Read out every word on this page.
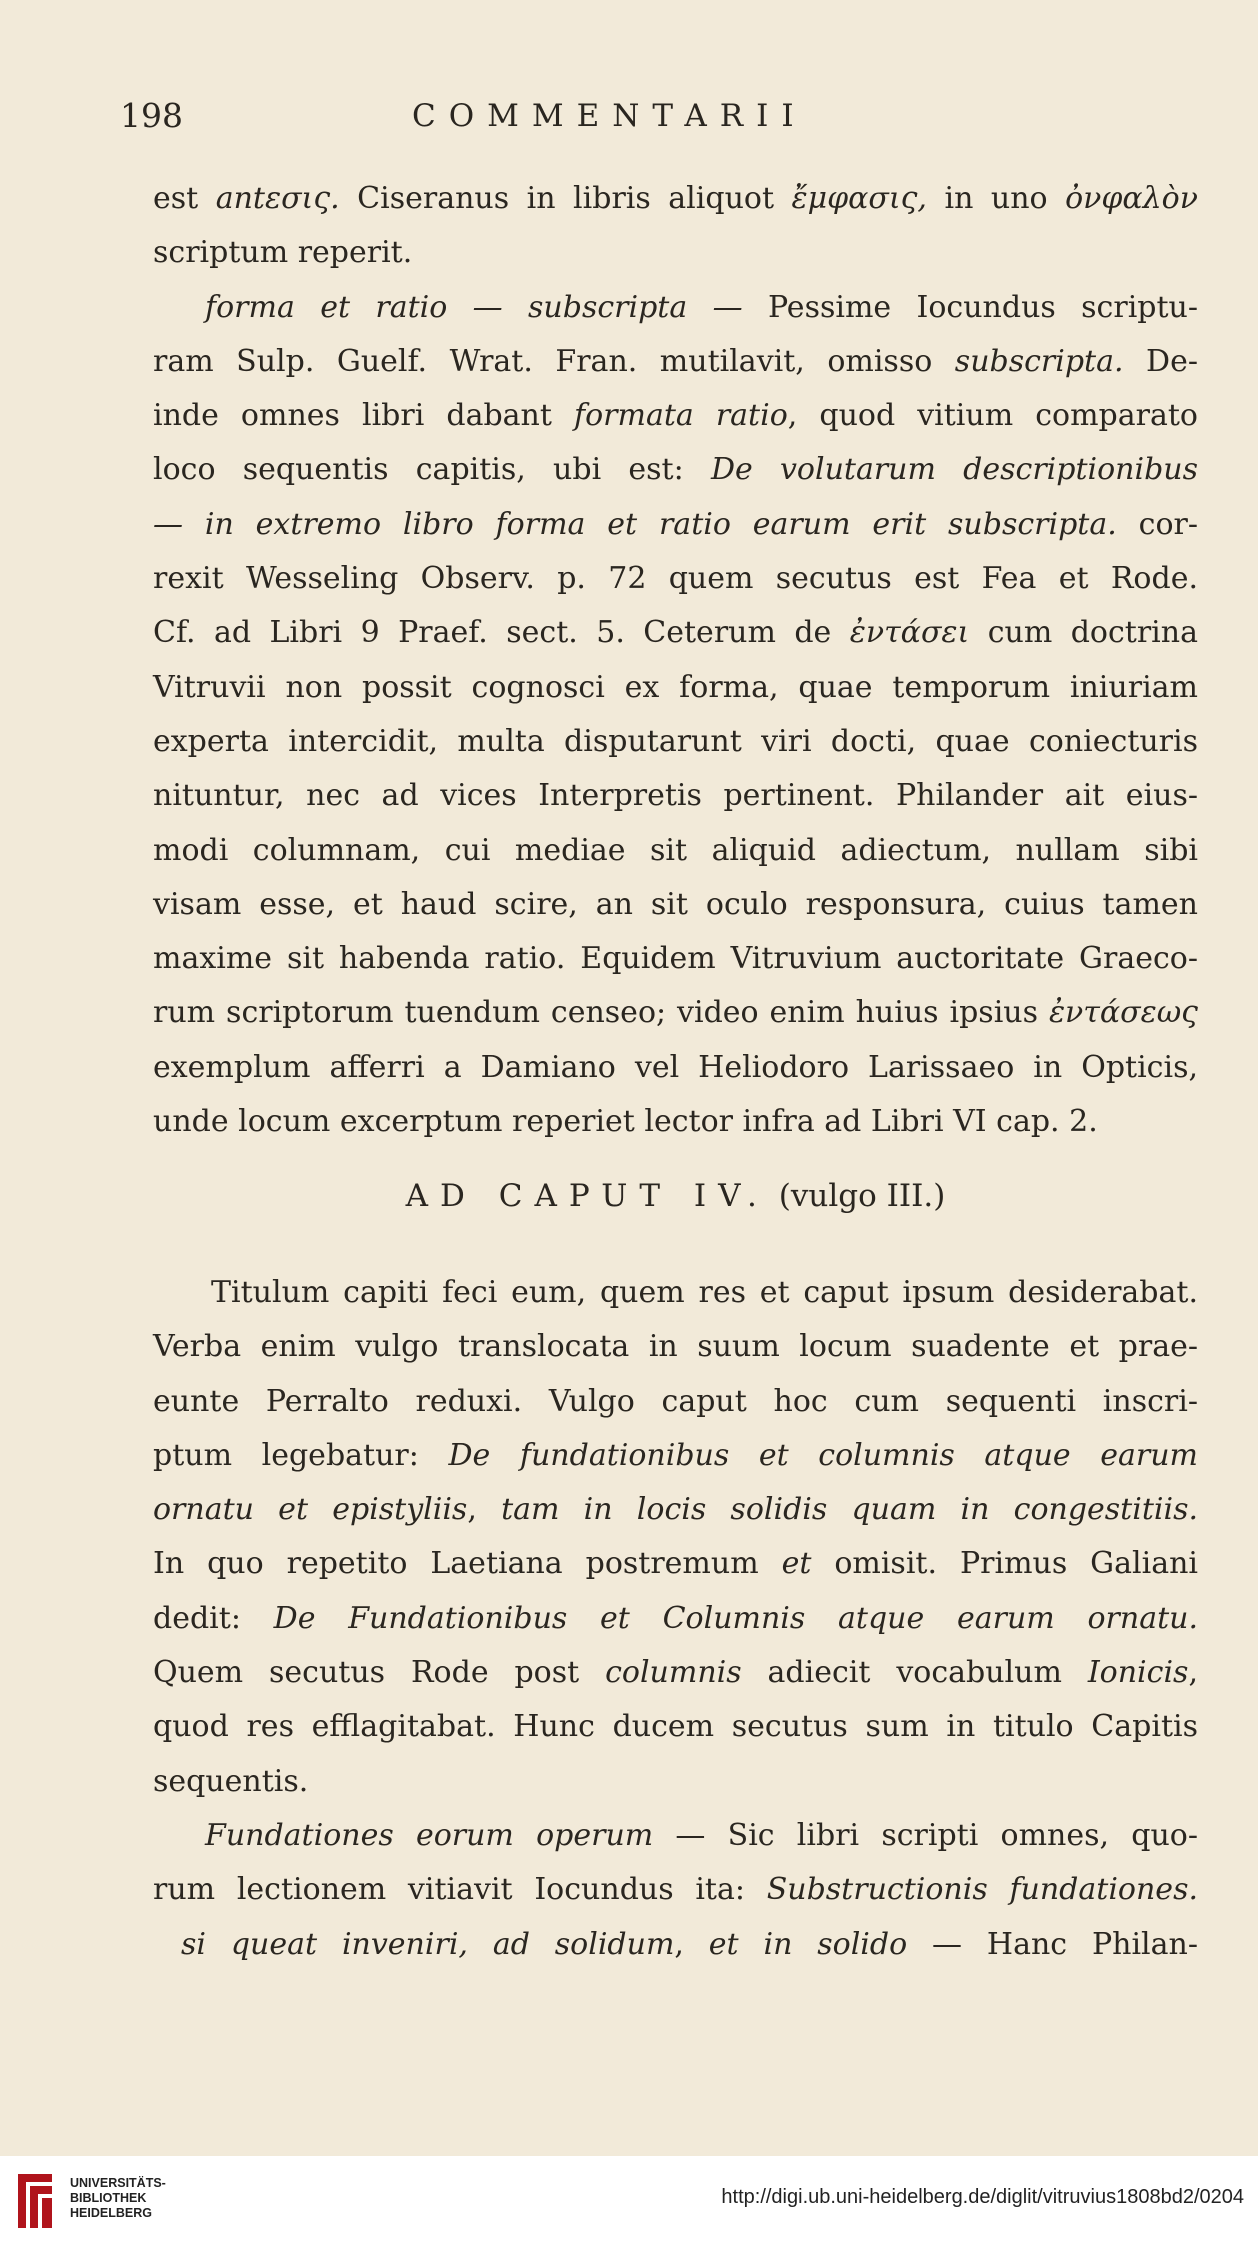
198	COMMENTARII
est antεσις. Ciseranus in libris aliquot ἔμφασις, in uno ὀνφαλὸν
scriptum reperit.
forma et ratio — subscripta — Pessime Iocundus scriptu-
ram Sulp. Guelf. Wrat. Fran. mutilavit, omisso subscripta. De-
inde omnes libri dabant formata ratio, quod vitium comparato
loco sequentis capitis, ubi est: De volutarum descriptionibus
— in extremo libro forma et ratio earum erit subscripta. cor-
rexit Wesseling Observ. p. 72 quem secutus est Fea et Rode.
Cf. ad Libri 9 Praef. sect. 5. Ceterum de ἐντάσει cum doctrina
Vitruvii non possit cognosci ex forma, quae temporum iniuriam
experta intercidit, multa disputarunt viri docti, quae coniecturis
nituntur, nec ad vices Interpretis pertinent. Philander ait eius-
modi columnam, cui mediae sit aliquid adiectum, nullam sibi
visam esse, et haud scire, an sit oculo responsura, cuius tamen
maxime sit habenda ratio. Equidem Vitruvium auctoritate Graeco-
rum scriptorum tuendum censeo; video enim huius ipsius ἐντάσεως
exemplum afferri a Damiano vel Heliodoro Larissaeo in Opticis,
unde locum excerptum reperiet lector infra ad Libri VI cap. 2.
AD CAPUT IV. (vulgo III.)
Titulum capiti feci eum, quem res et caput ipsum desiderabat.
Verba enim vulgo translocata in suum locum suadente et prae-
eunte Perralto reduxi. Vulgo caput hoc cum sequenti inscri-
ptum legebatur: De fundationibus et columnis atque earum
ornatu et epistyliis, tam in locis solidis quam in congestitiis.
In quo repetito Laetiana postremum et omisit. Primus Galiani
dedit: De Fundationibus et Columnis atque earum ornatu.
Quem secutus Rode post columnis adiecit vocabulum Ionicis,
quod res efflagitabat. Hunc ducem secutus sum in titulo Capitis
sequentis.
Fundationes eorum operum — Sic libri scripti omnes, quo-
rum lectionem vitiavit Iocundus ita: Substructionis fundationes.
si queat inveniri, ad solidum, et in solido — Hanc Philan-
UNIVERSITÄTS-
BIBLIOTHEK
HEIDELBERG
http://digi.ub.uni-heidelberg.de/diglit/vitruvius1808bd2/0204
